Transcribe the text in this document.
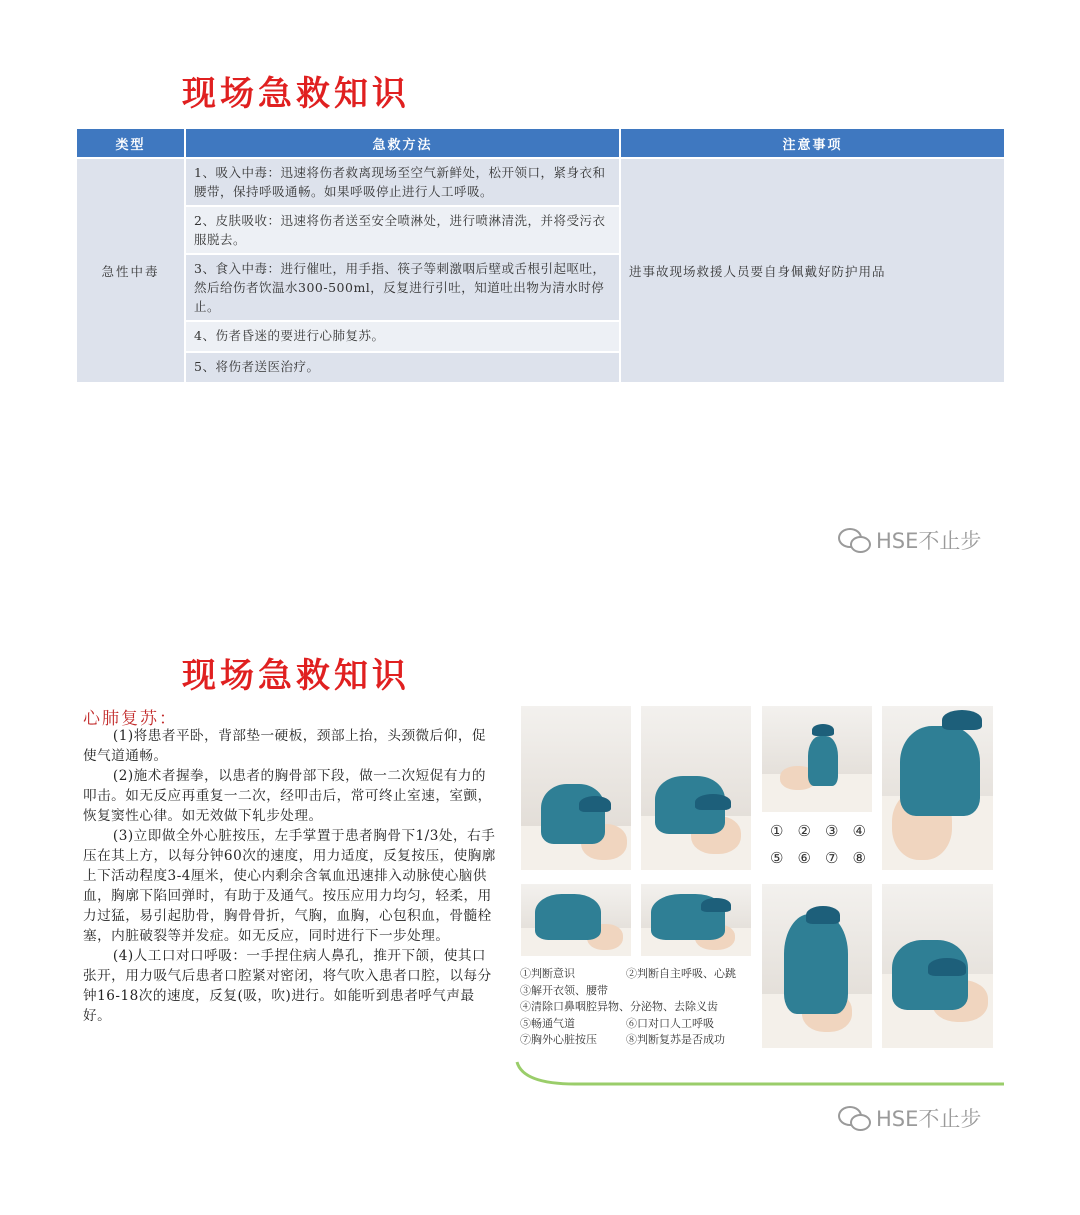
现场急救知识
类型	急救方法	注意事项
急性中毒	1、吸入中毒：迅速将伤者救离现场至空气新鲜处，松开领口，紧身衣和腰带，保持呼吸通畅。如果呼吸停止进行人工呼吸。
2、皮肤吸收：迅速将伤者送至安全喷淋处，进行喷淋清洗，并将受污衣服脱去。
3、食入中毒：进行催吐，用手指、筷子等刺激咽后壁或舌根引起呕吐，然后给伤者饮温水300-500ml，反复进行引吐，知道吐出物为清水时停止。
4、伤者昏迷的要进行心肺复苏。
5、将伤者送医治疗。	进事故现场救援人员要自身佩戴好防护用品
HSE不止步
现场急救知识
心肺复苏：

(1)将患者平卧，背部垫一硬板，颈部上抬，头颈微后仰，促使气道通畅。

(2)施术者握拳，以患者的胸骨部下段，做一二次短促有力的叩击。如无反应再重复一二次，经叩击后，常可终止室速，室颤，恢复窦性心律。如无效做下轧步处理。

(3)立即做全外心脏按压，左手掌置于患者胸骨下1/3处，右手压在其上方，以每分钟60次的速度，用力适度，反复按压，使胸廓上下活动程度3-4厘米，使心内剩余含氧血迅速排入动脉使心脑供血，胸廓下陷回弹时，有助于及通气。按压应用力均匀，轻柔，用力过猛，易引起肋骨，胸骨骨折，气胸，血胸，心包积血，骨髓栓塞，内脏破裂等并发症。如无反应，同时进行下一步处理。

(4)人工口对口呼吸：一手捏住病人鼻孔，推开下颌，使其口张开，用力吸气后患者口腔紧对密闭，将气吹入患者口腔，以每分钟16-18次的速度，反复(吸，吹)进行。如能听到患者呼气声最好。

① ② ③ ④
⑤ ⑥ ⑦ ⑧
①判断意识	②判断自主呼吸、心跳
③解开衣领、腰带
④清除口鼻咽腔异物、分泌物、去除义齿
⑤畅通气道	⑥口对口人工呼吸
⑦胸外心脏按压	⑧判断复苏是否成功
HSE不止步
